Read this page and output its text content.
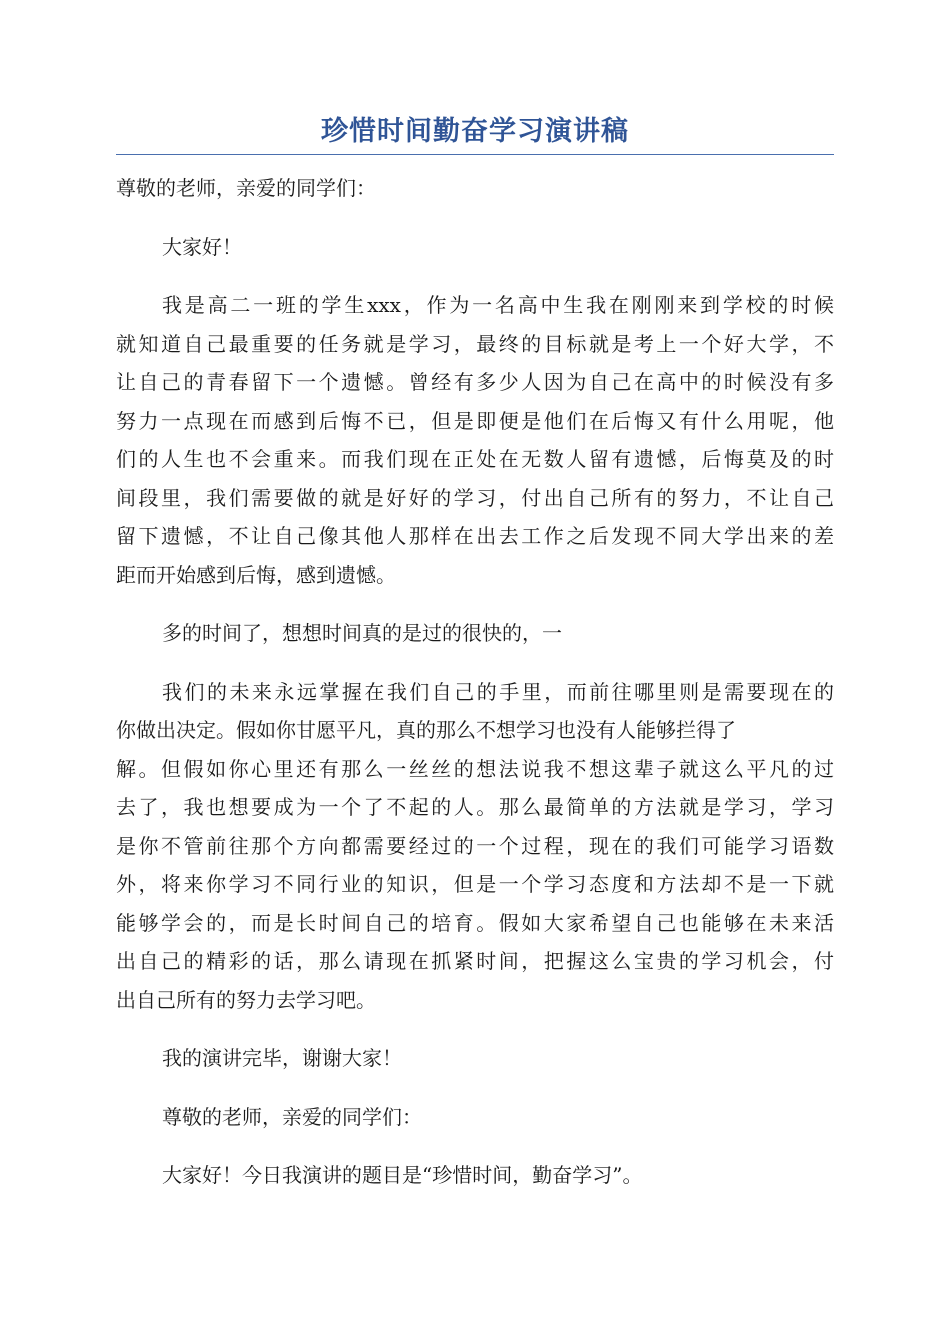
珍惜时间勤奋学习演讲稿

尊敬的老师，亲爱的同学们：

大家好！

我是高二一班的学生xxx，作为一名高中生我在刚刚来到学校的时候
就知道自己最重要的任务就是学习，最终的目标就是考上一个好大学，不
让自己的青春留下一个遗憾。曾经有多少人因为自己在高中的时候没有多
努力一点现在而感到后悔不已，但是即便是他们在后悔又有什么用呢，他
们的人生也不会重来。而我们现在正处在无数人留有遗憾，后悔莫及的时
间段里，我们需要做的就是好好的学习，付出自己所有的努力，不让自己
留下遗憾，不让自己像其他人那样在出去工作之后发现不同大学出来的差
距而开始感到后悔，感到遗憾。

多的时间了，想想时间真的是过的很快的，一

我们的未来永远掌握在我们自己的手里，而前往哪里则是需要现在的
你做出决定。假如你甘愿平凡，真的那么不想学习也没有人能够拦得了
解。但假如你心里还有那么一丝丝的想法说我不想这辈子就这么平凡的过
去了，我也想要成为一个了不起的人。那么最简单的方法就是学习，学习
是你不管前往那个方向都需要经过的一个过程，现在的我们可能学习语数
外，将来你学习不同行业的知识，但是一个学习态度和方法却不是一下就
能够学会的，而是长时间自己的培育。假如大家希望自己也能够在未来活
出自己的精彩的话，那么请现在抓紧时间，把握这么宝贵的学习机会，付
出自己所有的努力去学习吧。

我的演讲完毕，谢谢大家！

尊敬的老师，亲爱的同学们：

大家好！今日我演讲的题目是“珍惜时间，勤奋学习”。
